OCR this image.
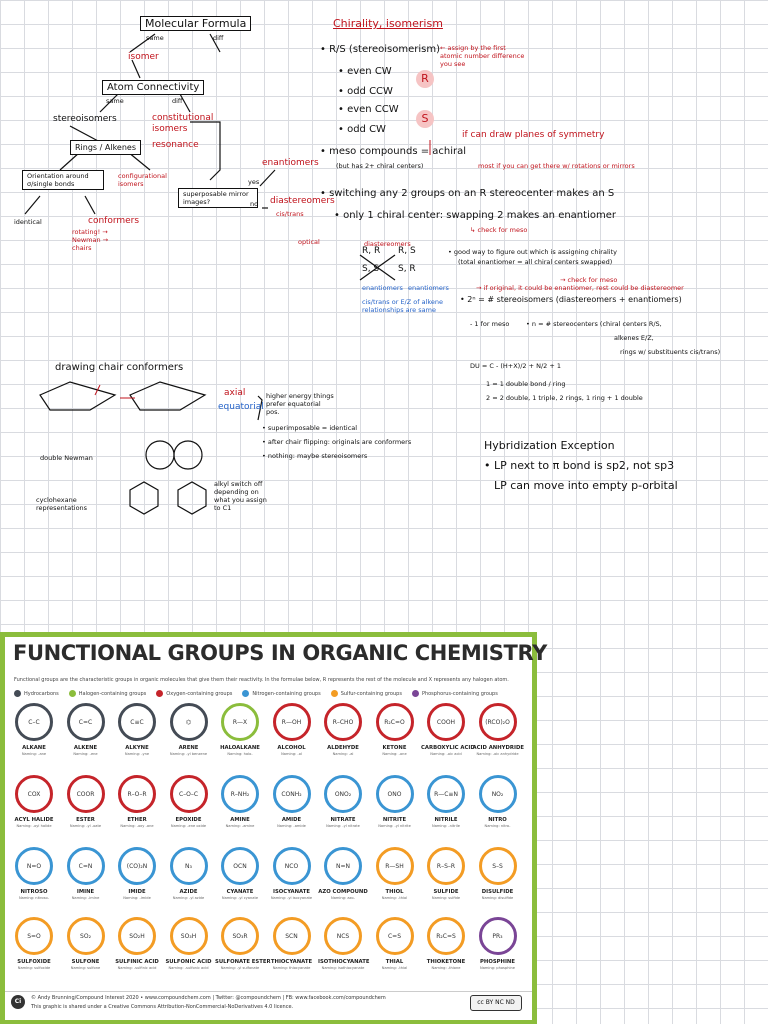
Molecular Formula
same	diff
isomer
Atom Connectivity
same	diff
stereoisomers	constitutional isomers
resonance
Rings / Alkenes
configurational isomers
Orientation around σ/single bonds
identical	conformers
rotating! → Newman → chairs
superposable mirror images?
yes
no
enantiomers
diastereomers
cis/trans
optical
Chirality, isomerism
• R/S (stereoisomerism) ← assign by the first atomic number difference you see
• even CW
• odd CCW
R
• even CCW
• odd CW
S
if can draw planes of symmetry
• meso compounds = achiral
(but has 2+ chiral centers)	most if you can get there w/ rotations or mirrors
• switching any 2 groups on an R stereocenter makes an S
• only 1 chiral center: swapping 2 makes an enantiomer
↳ check for meso
diastereomers
R, R R, S
S, S S, R
enantiomers enantiomers
cis/trans or E/Z of alkene relationships are same
• good way to figure out which is assigning chirality
(total enantiomer = all chiral centers swapped)
→ check for meso
→ if original, it could be enantiomer, rest could be diastereomer
• 2ⁿ = # stereoisomers (diastereomers + enantiomers)
- 1 for meso	• n = # stereocenters (chiral centers R/S,
alkenes E/Z,
rings w/ substituents cis/trans)
DU = C - (H+X)/2 + N/2 + 1
1 = 1 double bond / ring
2 = 2 double, 1 triple, 2 rings, 1 ring + 1 double
Hybridization Exception
• LP next to π bond is sp2, not sp3
LP can move into empty p-orbital
drawing chair conformers
axial
equatorial
higher energy things prefer equatorial pos.
• superimposable = identical
• after chair flipping: originals are conformers
• nothing: maybe stereoisomers
double Newman
cyclohexane representations
alkyl switch off depending on what you assign to C1
FUNCTIONAL GROUPS IN ORGANIC CHEMISTRY
Functional groups are the characteristic groups in organic molecules that give them their reactivity. In the formulae below, R represents the rest of the molecule and X represents any halogen atom.
Hydrocarbons	Halogen-containing groups	Oxygen-containing groups	Nitrogen-containing groups	Sulfur-containing groups	Phosphorus-containing groups
C–C
ALKANE
Naming: -ane
C=C
ALKENE
Naming: -ene
C≡C
ALKYNE
Naming: -yne
⌬
ARENE
Naming: -yl benzene
R—X
HALOALKANE
Naming: halo-
R—OH
ALCOHOL
Naming: -ol
R–CHO
ALDEHYDE
Naming: -al
R₂C=O
KETONE
Naming: -one
COOH
CARBOXYLIC ACID
Naming: -oic acid
(RCO)₂O
ACID ANHYDRIDE
Naming: -oic anhydride
COX
ACYL HALIDE
Naming: -oyl halide
COOR
ESTER
Naming: -yl -oate
R–O–R
ETHER
Naming: -oxy -ane
C–O–C
EPOXIDE
Naming: -ene oxide
R–NH₂
AMINE
Naming: -amine
CONH₂
AMIDE
Naming: -amide
ONO₂
NITRATE
Naming: -yl nitrate
ONO
NITRITE
Naming: -yl nitrite
R—C≡N
NITRILE
Naming: -nitrile
NO₂
NITRO
Naming: nitro-
N=O
NITROSO
Naming: nitroso-
C=N
IMINE
Naming: -imine
(CO)₂N
IMIDE
Naming: -imide
N₃
AZIDE
Naming: -yl azide
OCN
CYANATE
Naming: -yl cyanate
NCO
ISOCYANATE
Naming: -yl isocyanate
N=N
AZO COMPOUND
Naming: azo-
R—SH
THIOL
Naming: -thiol
R–S–R
SULFIDE
Naming: sulfide
S–S
DISULFIDE
Naming: disulfide
S=O
SULFOXIDE
Naming: sulfoxide
SO₂
SULFONE
Naming: sulfone
SO₂H
SULFINIC ACID
Naming: -sulfinic acid
SO₃H
SULFONIC ACID
Naming: -sulfonic acid
SO₃R
SULFONATE ESTER
Naming: -yl sulfonate
SCN
THIOCYANATE
Naming: thiocyanate
NCS
ISOTHIOCYANATE
Naming: isothiocyanate
C=S
THIAL
Naming: -thial
R₂C=S
THIOKETONE
Naming: -thione
PR₃
PHOSPHINE
Naming: phosphine
Ci	© Andy Brunning/Compound Interest 2020 • www.compoundchem.com | Twitter: @compoundchem | FB: www.facebook.com/compoundchem
This graphic is shared under a Creative Commons Attribution-NonCommercial-NoDerivatives 4.0 licence.
cc BY NC ND
